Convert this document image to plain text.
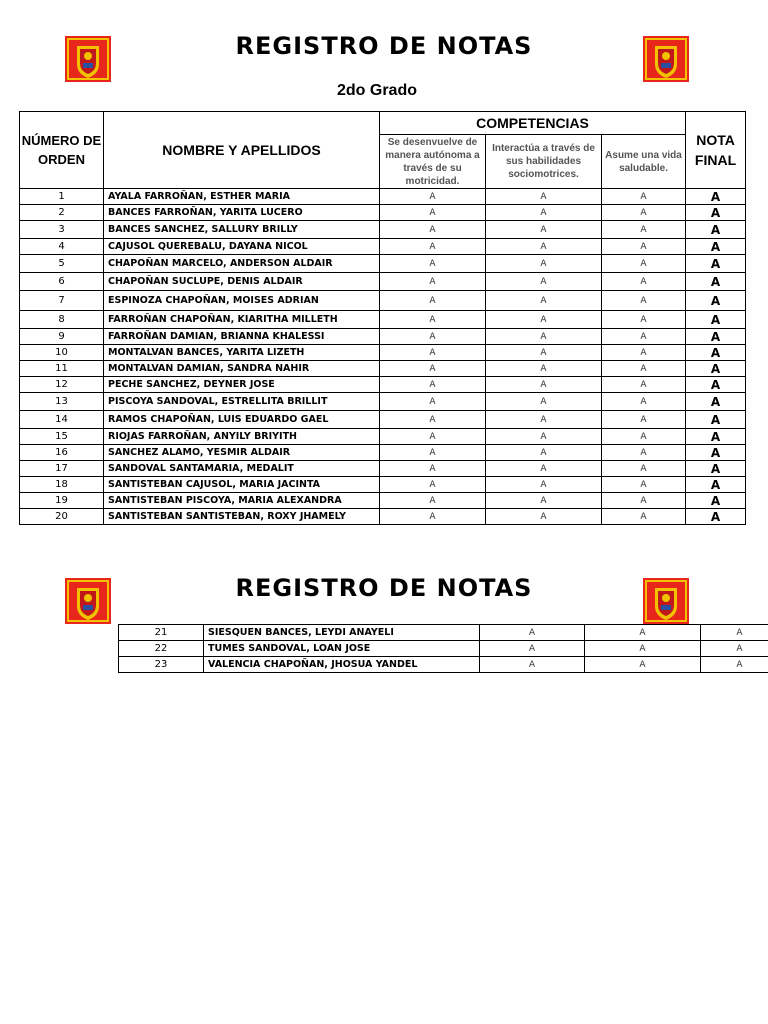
REGISTRO DE NOTAS
2do Grado
NÚMERO DE ORDEN	NOMBRE Y APELLIDOS	COMPETENCIAS			NOTA FINAL
		Se desenvuelve de manera autónoma a través de su motricidad.	Interactúa a través de sus habilidades sociomotrices.	Asume una vida saludable.	
1	AYALA FARROÑAN, ESTHER MARIA	A	A	A	A
2	BANCES FARROÑAN, YARITA LUCERO	A	A	A	A
3	BANCES SANCHEZ, SALLURY BRILLY	A	A	A	A
4	CAJUSOL QUEREBALU, DAYANA NICOL	A	A	A	A
5	CHAPOÑAN MARCELO, ANDERSON ALDAIR	A	A	A	A
6	CHAPOÑAN SUCLUPE, DENIS ALDAIR	A	A	A	A
7	ESPINOZA CHAPOÑAN, MOISES ADRIAN	A	A	A	A
8	FARROÑAN CHAPOÑAN, KIARITHA MILLETH	A	A	A	A
9	FARROÑAN DAMIAN, BRIANNA KHALESSI	A	A	A	A
10	MONTALVAN BANCES, YARITA LIZETH	A	A	A	A
11	MONTALVAN DAMIAN, SANDRA NAHIR	A	A	A	A
12	PECHE SANCHEZ, DEYNER JOSE	A	A	A	A
13	PISCOYA SANDOVAL, ESTRELLITA BRILLIT	A	A	A	A
14	RAMOS CHAPOÑAN, LUIS EDUARDO GAEL	A	A	A	A
15	RIOJAS FARROÑAN, ANYILY BRIYITH	A	A	A	A
16	SANCHEZ ALAMO, YESMIR ALDAIR	A	A	A	A
17	SANDOVAL SANTAMARIA, MEDALIT	A	A	A	A
18	SANTISTEBAN CAJUSOL, MARIA JACINTA	A	A	A	A
19	SANTISTEBAN PISCOYA, MARIA ALEXANDRA	A	A	A	A
20	SANTISTEBAN SANTISTEBAN, ROXY JHAMELY	A	A	A	A
REGISTRO DE NOTAS
21	SIESQUEN BANCES, LEYDI ANAYELI	A	A	A
22	TUMES SANDOVAL, LOAN JOSE	A	A	A
23	VALENCIA CHAPOÑAN, JHOSUA YANDEL	A	A	A
